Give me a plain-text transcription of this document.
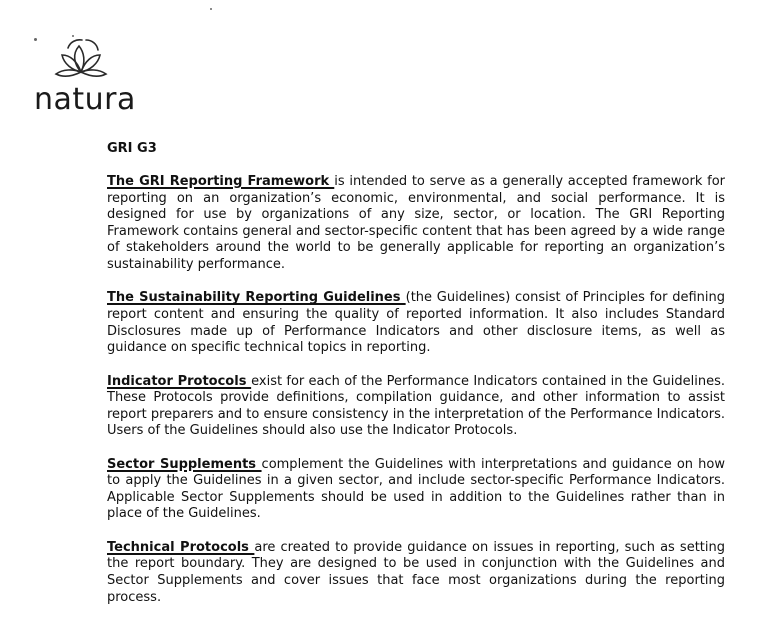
natura
GRI G3

The GRI Reporting Framework is intended to serve as a generally accepted framework for reporting on an organization’s economic, environmental, and social performance. It is designed for use by organizations of any size, sector, or location. The GRI Reporting Framework contains general and sector-specific content that has been agreed by a wide range of stakeholders around the world to be generally applicable for reporting an organization’s sustainability performance.

The Sustainability Reporting Guidelines (the Guidelines) consist of Principles for defining report content and ensuring the quality of reported information. It also includes Standard Disclosures made up of Performance Indicators and other disclosure items, as well as guidance on specific technical topics in reporting.

Indicator Protocols exist for each of the Performance Indicators contained in the Guidelines. These Protocols provide definitions, compilation guidance, and other information to assist report preparers and to ensure consistency in the interpretation of the Performance Indicators. Users of the Guidelines should also use the Indicator Protocols.

Sector Supplements complement the Guidelines with interpretations and guidance on how to apply the Guidelines in a given sector, and include sector-specific Performance Indicators. Applicable Sector Supplements should be used in addition to the Guidelines rather than in place of the Guidelines.

Technical Protocols are created to provide guidance on issues in reporting, such as setting the report boundary. They are designed to be used in conjunction with the Guidelines and Sector Supplements and cover issues that face most organizations during the reporting process.
